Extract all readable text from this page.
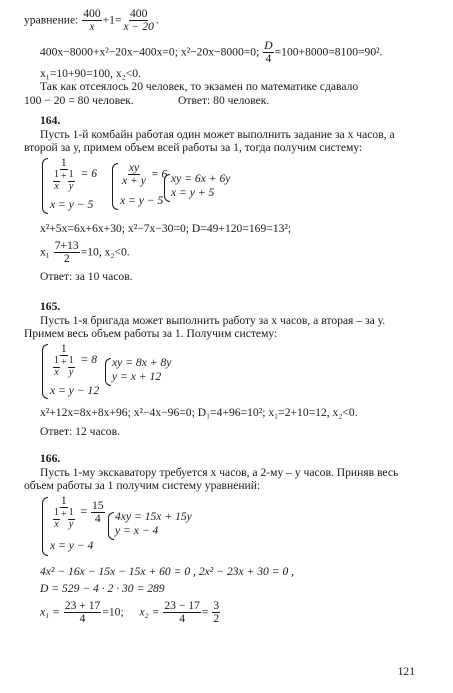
уравнение: $\frac{400}{x} +1= \frac{400}{x - 20}$ .
400x−8000+x²−20x−400x=0; x²−20x−8000=0; $\frac{D}{4} =100+8000=8100=90^2$.
x₁=10+90=100, x₂<0.
Так как отсеялось 20 человек, то экзамен по математике сдавало
100 − 20 = 80 человек.	Ответ: 80 человек.
164.
Пусть 1-й комбайн работая один может выполнить задание за х часов, а
второй за у, примем объем всей работы за 1, тогда получим систему:
1
1
x
+ $\frac{1}{y} = 6$
x = y − 5
$\frac{xy}{x + y} = 6$
x = y − 5
xy = 6x + 6y
x = y + 5
x²+5x=6x+6x+30; x²−7x−30=0; D=49+120=169=13²;
$x_1 \frac{7+13}{2} =10$, x₂<0.
Ответ: за 10 часов.
165.
Пусть 1-я бригада может выполнить работу за х часов, а вторая – за у.
Примем весь объем работы за 1. Получим систему:
1
1
x
+ $\frac{1}{y} = 8$
x = y − 12
xy = 8x + 8y
y = x + 12
x²+12x=8x+8x+96; x²−4x−96=0; D₁=4+96=10²; x₁=2+10=12, x₂<0.
Ответ: 12 часов.
166.
Пусть 1-му экскаватору требуется х часов, а 2-му – у часов. Приняв весь
объем работы за 1 получим систему уравнений:
1
1
x
+ $\frac{1}{y} = \frac{15}{4}$
x = y − 4
4xy = 15x + 15y
y = x − 4
4x² − 16x − 15x − 15x + 60 = 0 , 2x² − 23x + 30 = 0 ,
D = 529 − 4 · 2 · 30 = 289
$x_1 = \frac{23 + 17}{4} =10$; $x_2 = \frac{23 - 17}{4} = \frac{3}{2}$
121
